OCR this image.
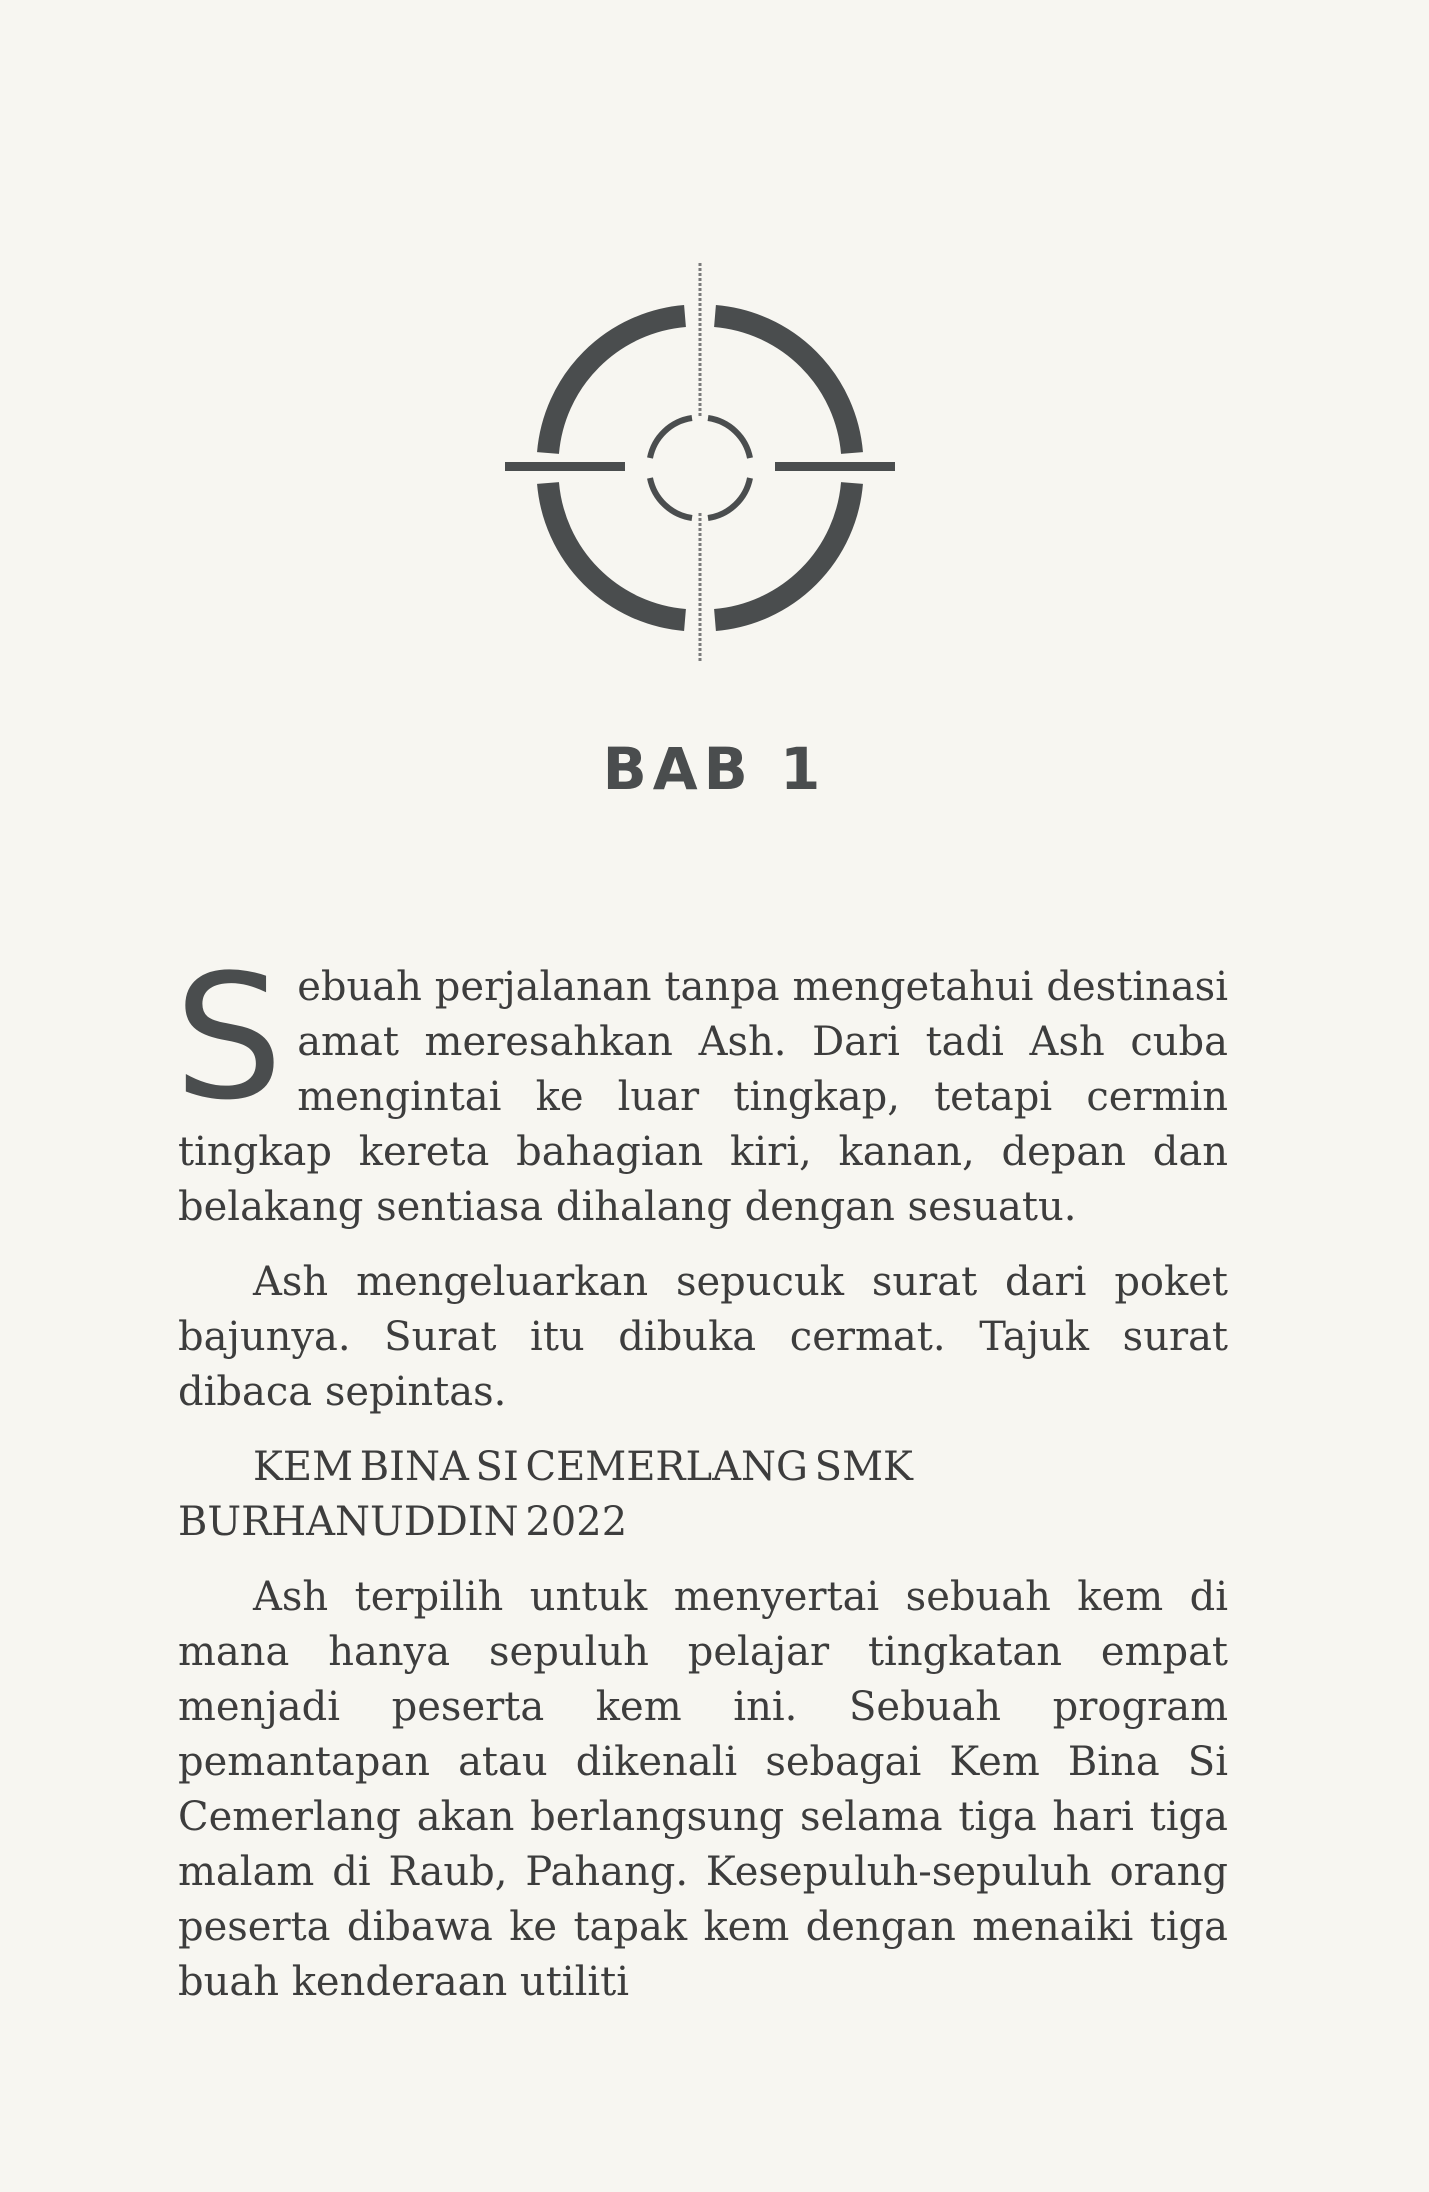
BAB 1

Sebuah perjalanan tanpa mengetahui destinasi amat meresahkan Ash. Dari tadi Ash cuba mengintai ke luar tingkap, tetapi cermin tingkap kereta bahagian kiri, kanan, depan dan belakang sentiasa dihalang dengan sesuatu.

Ash mengeluarkan sepucuk surat dari poket bajunya. Surat itu dibuka cermat. Tajuk surat dibaca sepintas.

KEM BINA SI CEMERLANG SMK BURHANUDDIN 2022

Ash terpilih untuk menyertai sebuah kem di mana hanya sepuluh pelajar tingkatan empat menjadi peserta kem ini. Sebuah program pemantapan atau dikenali sebagai Kem Bina Si Cemerlang akan berlangsung selama tiga hari tiga malam di Raub, Pahang. Kesepuluh-sepuluh orang peserta dibawa ke tapak kem dengan menaiki tiga buah kenderaan utiliti
